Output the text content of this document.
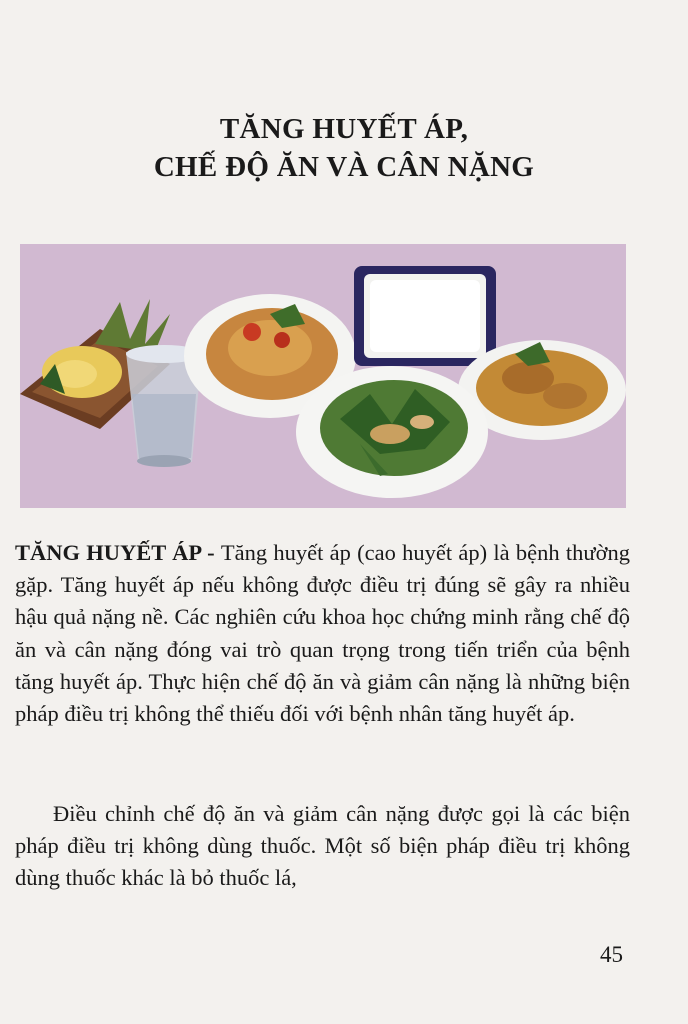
TĂNG HUYẾT ÁP,
CHẾ ĐỘ ĂN VÀ CÂN NẶNG

TĂNG HUYẾT ÁP - Tăng huyết áp (cao huyết áp) là bệnh thường gặp. Tăng huyết áp nếu không được điều trị đúng sẽ gây ra nhiều hậu quả nặng nề. Các nghiên cứu khoa học chứng minh rằng chế độ ăn và cân nặng đóng vai trò quan trọng trong tiến triển của bệnh tăng huyết áp. Thực hiện chế độ ăn và giảm cân nặng là những biện pháp điều trị không thể thiếu đối với bệnh nhân tăng huyết áp.

Điều chỉnh chế độ ăn và giảm cân nặng được gọi là các biện pháp điều trị không dùng thuốc. Một số biện pháp điều trị không dùng thuốc khác là bỏ thuốc lá,

45
